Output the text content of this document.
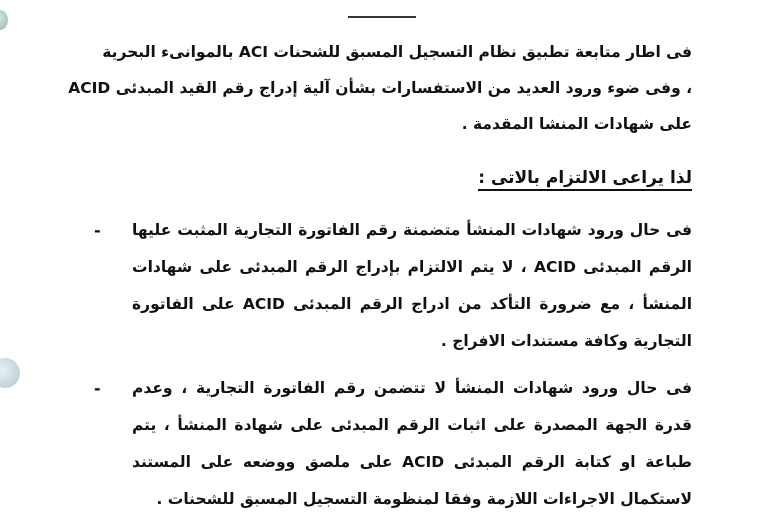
فى اطار متابعة تطبيق نظام التسجيل المسبق للشحنات ACI بالموانىء البحرية
، وفى ضوء ورود العديد من الاستفسارات بشأن آلية إدراج رقم القيد المبدئى ACID
على شهادات المنشا المقدمة .
لذا يراعى الالتزام بالاتى :
- فى حال ورود شهادات المنشأ متضمنة رقم الفاتورة التجارية المثبت عليها الرقم المبدئى ACID ، لا يتم الالتزام بإدراج الرقم المبدئى على شهادات المنشأ ، مع ضرورة التأكد من ادراج الرقم المبدئى ACID على الفاتورة التجارية وكافة مستندات الافراج .
- فى حال ورود شهادات المنشأ لا تتضمن رقم الفاتورة التجارية ، وعدم قدرة الجهة المصدرة على اثبات الرقم المبدئى على شهادة المنشأ ، يتم طباعة او كتابة الرقم المبدئى ACID على ملصق ووضعه على المستند لاستكمال الاجراءات اللازمة وفقا لمنظومة التسجيل المسبق للشحنات .
